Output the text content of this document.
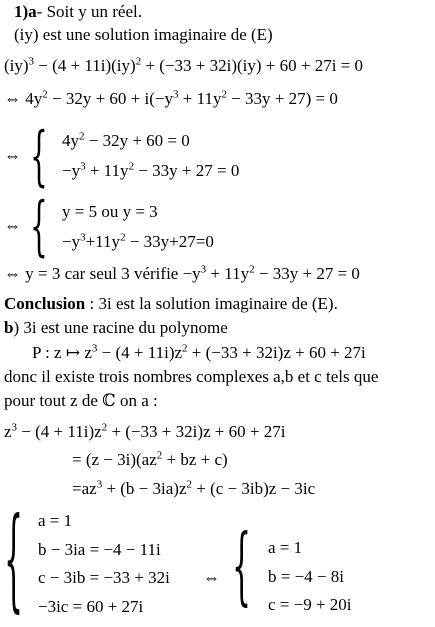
1)a- Soit y un réel.
(iy) est une solution imaginaire de (E)
(iy)$^3$ − (4 + 11i)(iy)$^2$ + (−33 + 32i)(iy) + 60 + 27i = 0
⇔ $4y^2 - 32y + 60 + i(-y^3 + 11y^2 - 33y + 27) = 0$
⇔ { $4y^2 - 32y + 60 = 0$
$-y^3 + 11y^2 - 33y + 27 = 0$
⇔ { y = 5 ou y = 3
$-y^3+11y^2 - 33y+27=0$
⇔ y = 3 car seul 3 vérifie $-y^3 + 11y^2 - 33y + 27 = 0$
Conclusion : 3i est la solution imaginaire de (E).
b) 3i est une racine du polynome
P : z ↦ $z^3 - (4 + 11i)z^2 + (-33 + 32i)z + 60 + 27i$
donc il existe trois nombres complexes a,b et c tels que
pour tout z de ℂ on a :
$z^3 - (4 + 11i)z^2 + (-33 + 32i)z + 60 + 27i$
= $(z - 3i)(az^2$ + bz + c)
$=az^3 + (b - 3ia)z^2 + (c - 3ib)z - 3ic$
{ a = 1
b − 3ia = −4 − 11i
c − 3ib = −33 + 32i
−3ic = 60 + 27i
⇔ { a = 1
b = −4 − 8i
c = −9 + 20i
